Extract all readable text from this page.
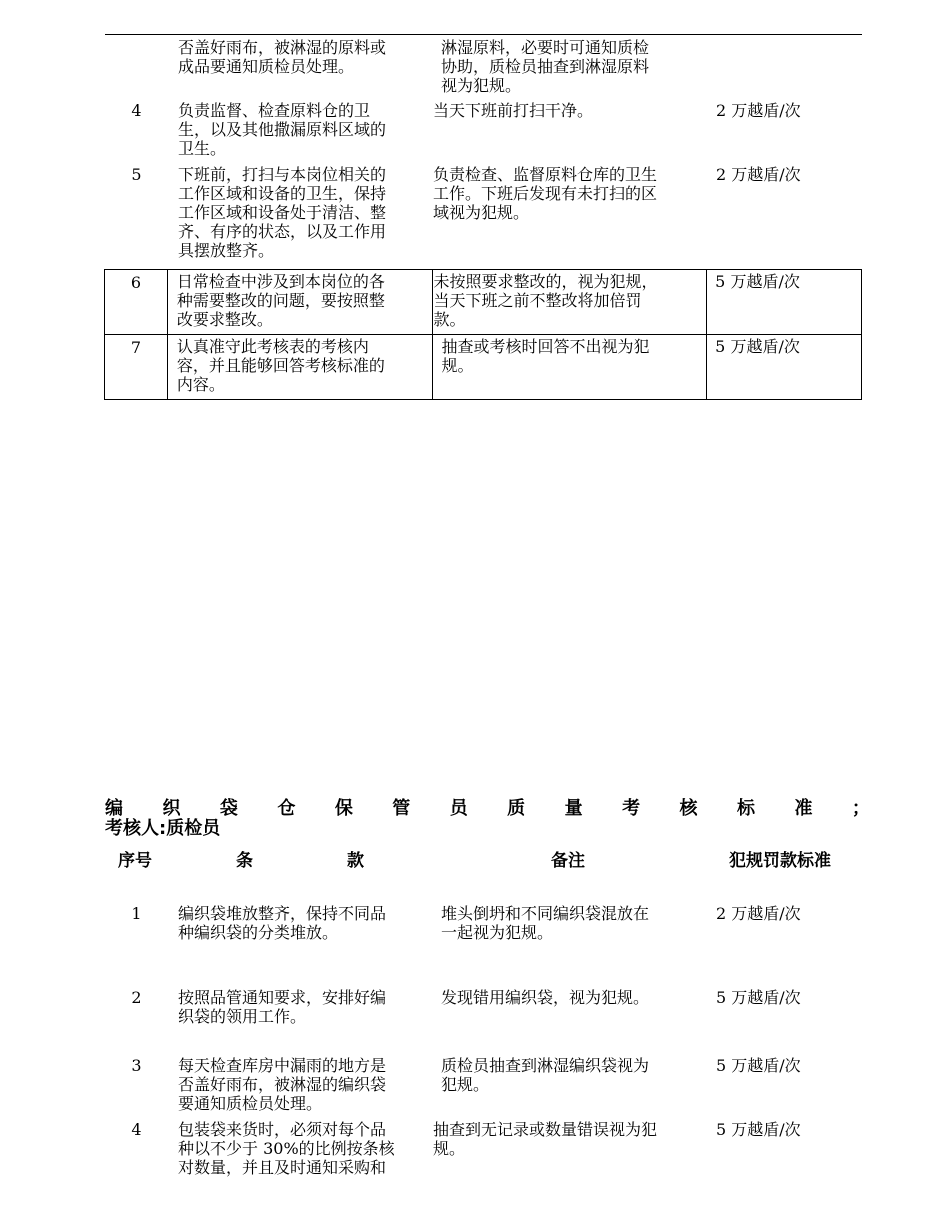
否盖好雨布，被淋湿的原料或
成品要通知质检员处理。
淋湿原料，必要时可通知质检
协助，质检员抽查到淋湿原料
视为犯规。
4	负责监督、检查原料仓的卫
生，以及其他撒漏原料区域的
卫生。
当天下班前打扫干净。	2 万越盾/次
5	下班前，打扫与本岗位相关的
工作区域和设备的卫生，保持
工作区域和设备处于清洁、整
齐、有序的状态，以及工作用
具摆放整齐。
负责检查、监督原料仓库的卫生
工作。下班后发现有未打扫的区
域视为犯规。
2 万越盾/次
6	日常检查中涉及到本岗位的各
种需要整改的问题，要按照整
改要求整改。	未按照要求整改的，视为犯规，
当天下班之前不整改将加倍罚
款。	5 万越盾/次
7	认真准守此考核表的考核内
容，并且能够回答考核标准的
内容。	抽查或考核时回答不出视为犯
规。	5 万越盾/次
编 织 袋 仓 保 管 员 质 量 考 核 标 准 ；
考核人:质检员
序号	条	款	备注	犯规罚款标准
1	编织袋堆放整齐，保持不同品
种编织袋的分类堆放。
堆头倒坍和不同编织袋混放在
一起视为犯规。
2 万越盾/次
2	按照品管通知要求，安排好编
织袋的领用工作。
发现错用编织袋，视为犯规。	5 万越盾/次
3	每天检查库房中漏雨的地方是
否盖好雨布，被淋湿的编织袋
要通知质检员处理。
质检员抽查到淋湿编织袋视为
犯规。
5 万越盾/次
4	包装袋来货时，必须对每个品
种以不少于 30%的比例按条核
对数量，并且及时通知采购和
抽查到无记录或数量错误视为犯
规。
5 万越盾/次
